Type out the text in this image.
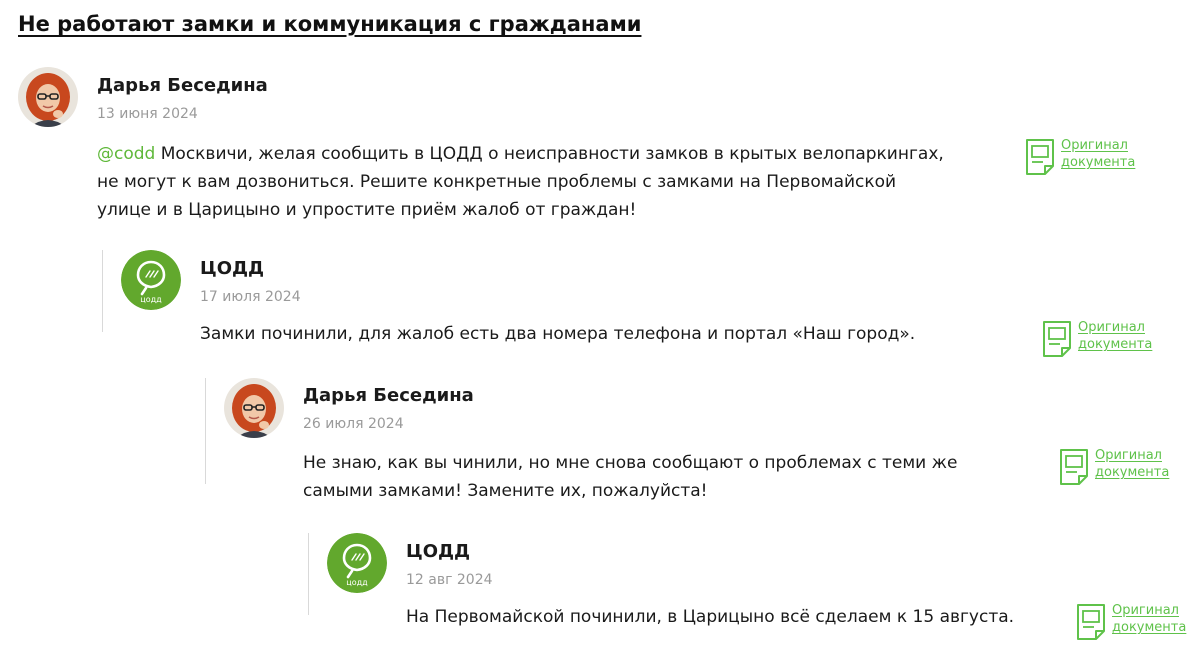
Не работают замки и коммуникация с гражданами
Дарья Беседина
13 июня 2024

@codd Москвичи, желая сообщить в ЦОДД о неисправности замков в крытых велопаркингах, не могут к вам дозвониться. Решите конкретные проблемы с замками на Первомайской улице и в Царицыно и упростите приём жалоб от граждан!

Оригинал
документа
цодд
ЦОДД
17 июля 2024

Замки починили, для жалоб есть два номера телефона и портал «Наш город».	Оригинал
документа
Дарья Беседина
26 июля 2024

Не знаю, как вы чинили, но мне снова сообщают о проблемах с теми же самыми замками! Замените их, пожалуйста!

Оригинал
документа
цодд
ЦОДД
12 авг 2024

На Первомайской починили, в Царицыно всё сделаем к 15 августа.	Оригинал
документа
